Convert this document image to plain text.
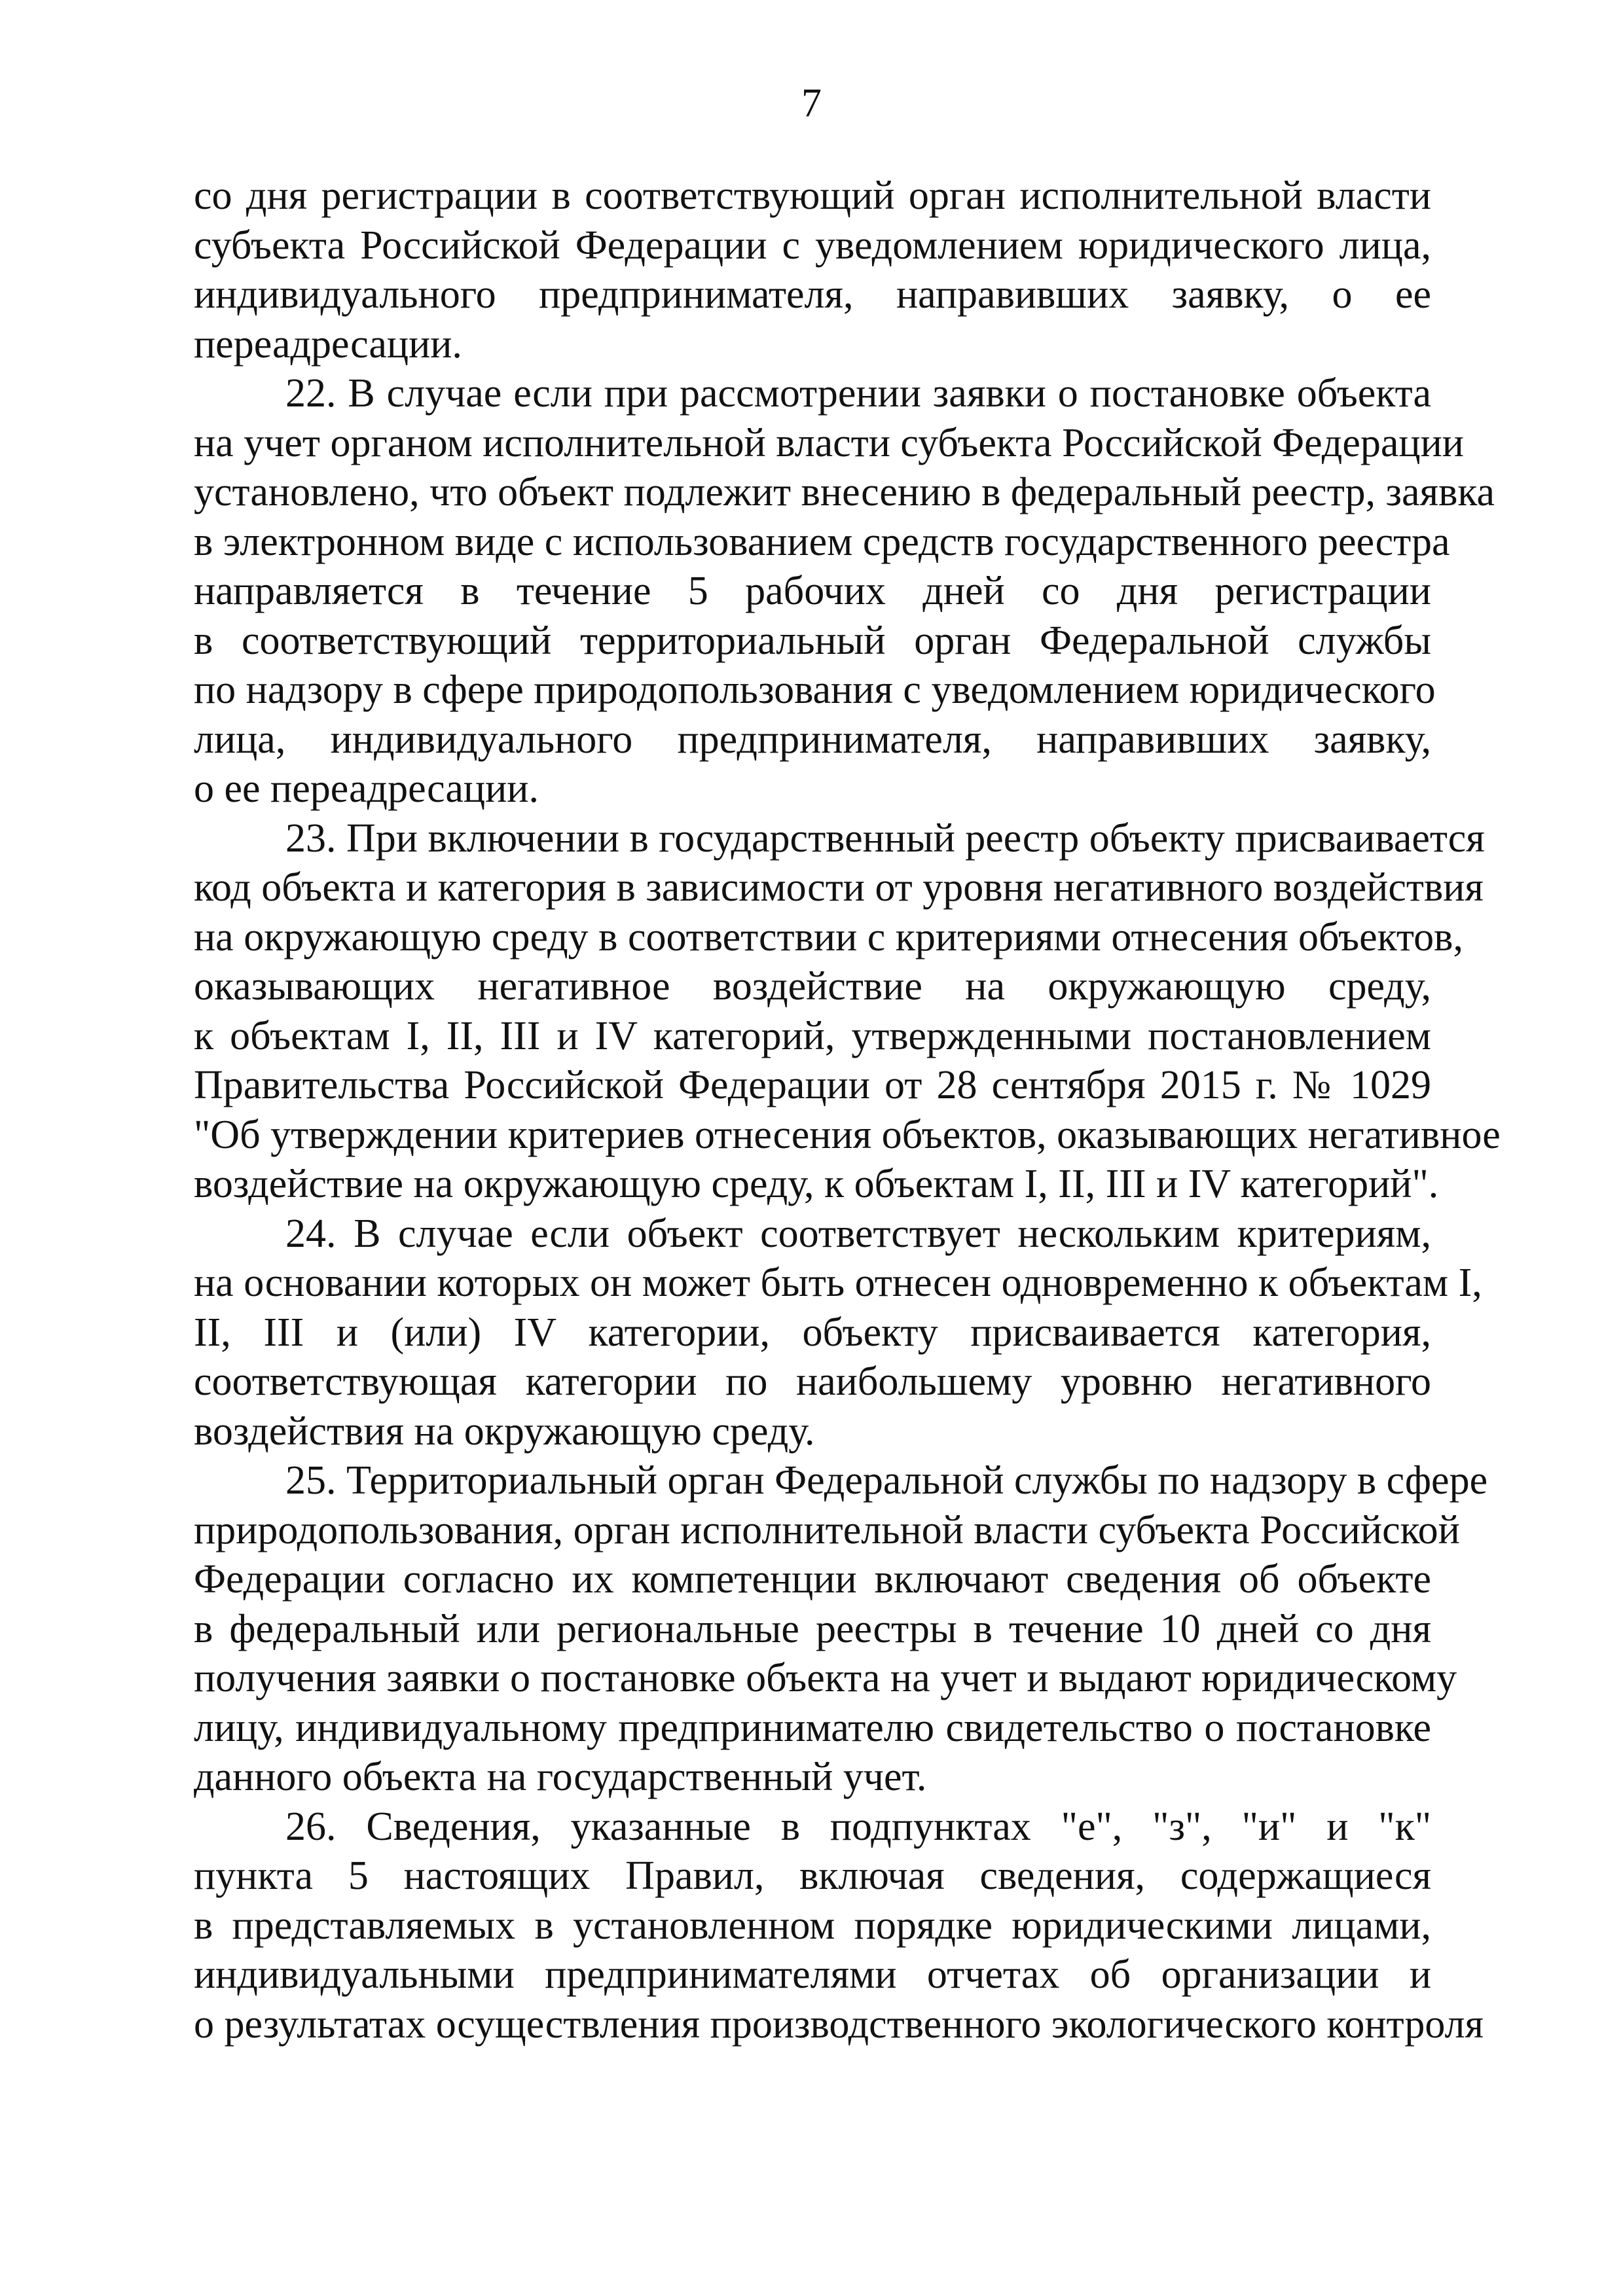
7
со дня регистрации в соответствующий орган исполнительной власти
субъекта Российской Федерации с уведомлением юридического лица,
индивидуального предпринимателя, направивших заявку, о ее
переадресации.
22. В случае если при рассмотрении заявки о постановке объекта
на учет органом исполнительной власти субъекта Российской Федерации
установлено, что объект подлежит внесению в федеральный реестр, заявка
в электронном виде с использованием средств государственного реестра
направляется в течение 5 рабочих дней со дня регистрации
в соответствующий территориальный орган Федеральной службы
по надзору в сфере природопользования с уведомлением юридического
лица, индивидуального предпринимателя, направивших заявку,
о ее переадресации.
23. При включении в государственный реестр объекту присваивается
код объекта и категория в зависимости от уровня негативного воздействия
на окружающую среду в соответствии с критериями отнесения объектов,
оказывающих негативное воздействие на окружающую среду,
к объектам I, II, III и IV категорий, утвержденными постановлением
Правительства Российской Федерации от 28 сентября 2015 г. № 1029
"Об утверждении критериев отнесения объектов, оказывающих негативное
воздействие на окружающую среду, к объектам I, II, III и IV категорий".
24. В случае если объект соответствует нескольким критериям,
на основании которых он может быть отнесен одновременно к объектам I,
II, III и (или) IV категории, объекту присваивается категория,
соответствующая категории по наибольшему уровню негативного
воздействия на окружающую среду.
25. Территориальный орган Федеральной службы по надзору в сфере
природопользования, орган исполнительной власти субъекта Российской
Федерации согласно их компетенции включают сведения об объекте
в федеральный или региональные реестры в течение 10 дней со дня
получения заявки о постановке объекта на учет и выдают юридическому
лицу, индивидуальному предпринимателю свидетельство о постановке
данного объекта на государственный учет.
26. Сведения, указанные в подпунктах "е", "з", "и" и "к"
пункта 5 настоящих Правил, включая сведения, содержащиеся
в представляемых в установленном порядке юридическими лицами,
индивидуальными предпринимателями отчетах об организации и
о результатах осуществления производственного экологического контроля
